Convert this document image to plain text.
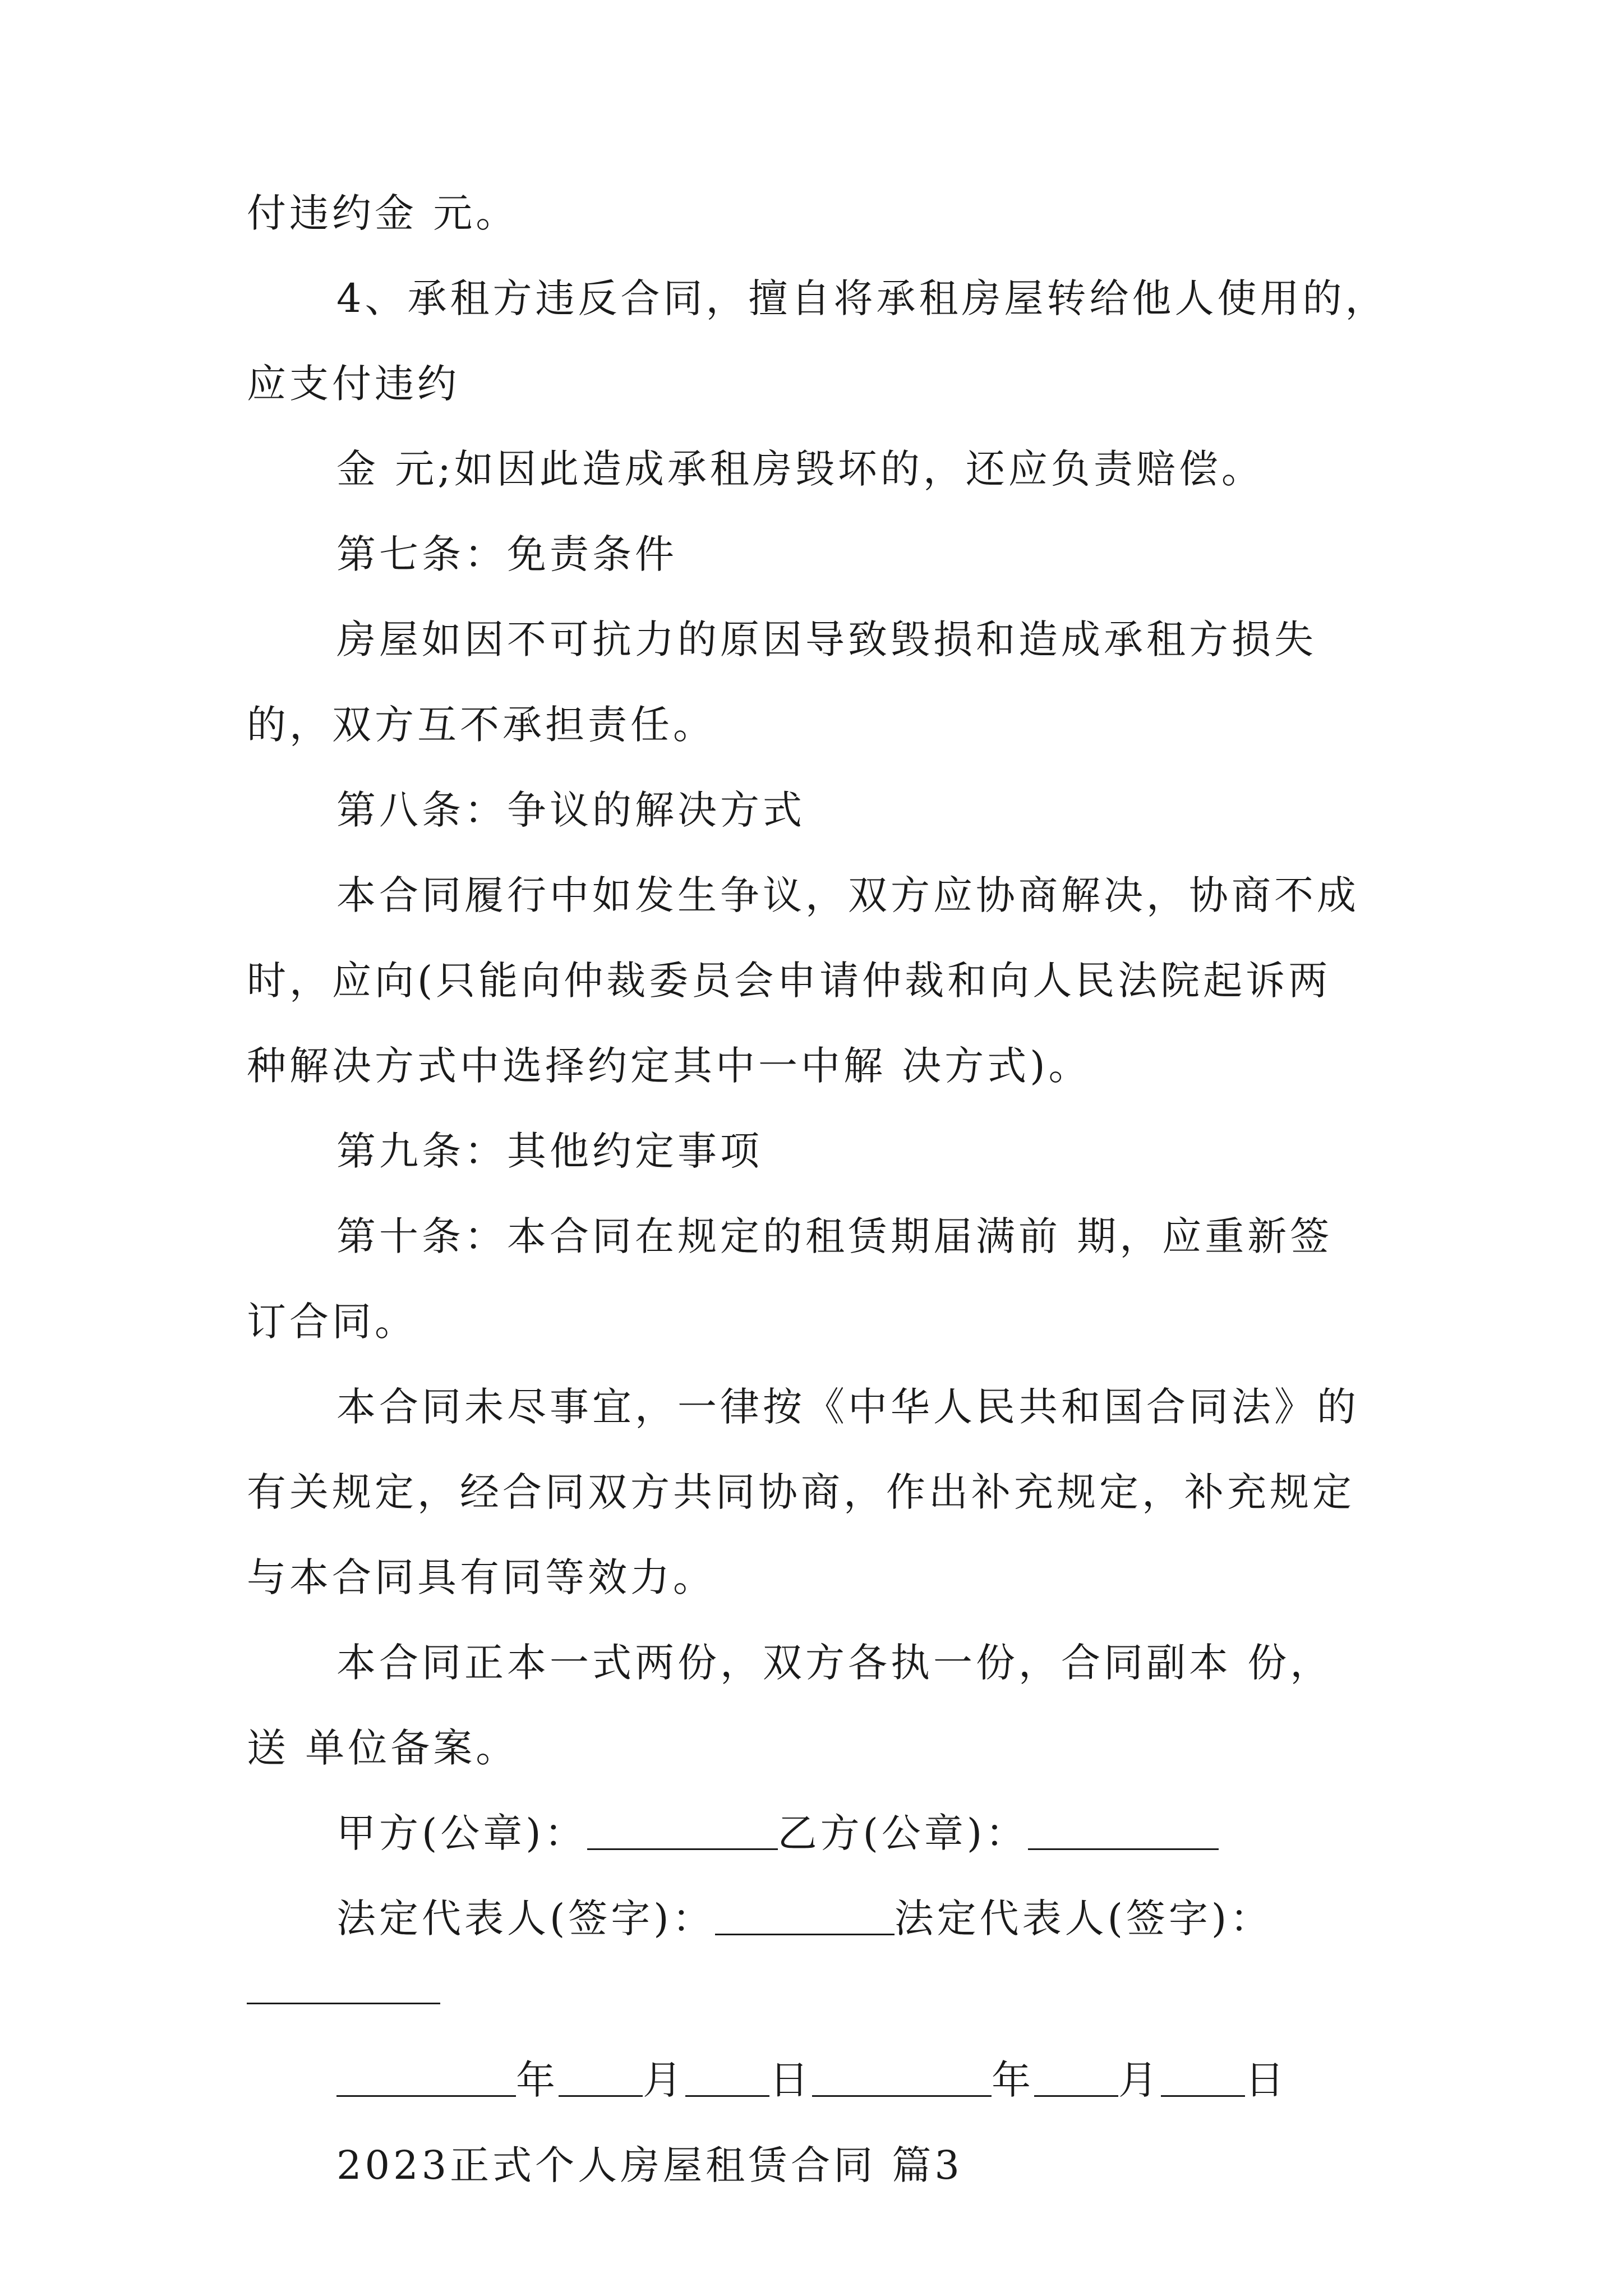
付违约金 元。
4、承租方违反合同，擅自将承租房屋转给他人使用的，
应支付违约
金 元;如因此造成承租房毁坏的，还应负责赔偿。
第七条：免责条件
房屋如因不可抗力的原因导致毁损和造成承租方损失
的，双方互不承担责任。
第八条：争议的解决方式
本合同履行中如发生争议，双方应协商解决，协商不成
时，应向(只能向仲裁委员会申请仲裁和向人民法院起诉两
种解决方式中选择约定其中一中解 决方式)。
第九条：其他约定事项
第十条：本合同在规定的租赁期届满前 期，应重新签
订合同。
本合同未尽事宜，一律按《中华人民共和国合同法》的
有关规定，经合同双方共同协商，作出补充规定，补充规定
与本合同具有同等效力。
本合同正本一式两份，双方各执一份，合同副本 份，
送 单位备案。
甲方(公章)：	乙方(公章)：
法定代表人(签字)：	法定代表人(签字)：
年 月 日	年 月 日
2023正式个人房屋租赁合同 篇3
